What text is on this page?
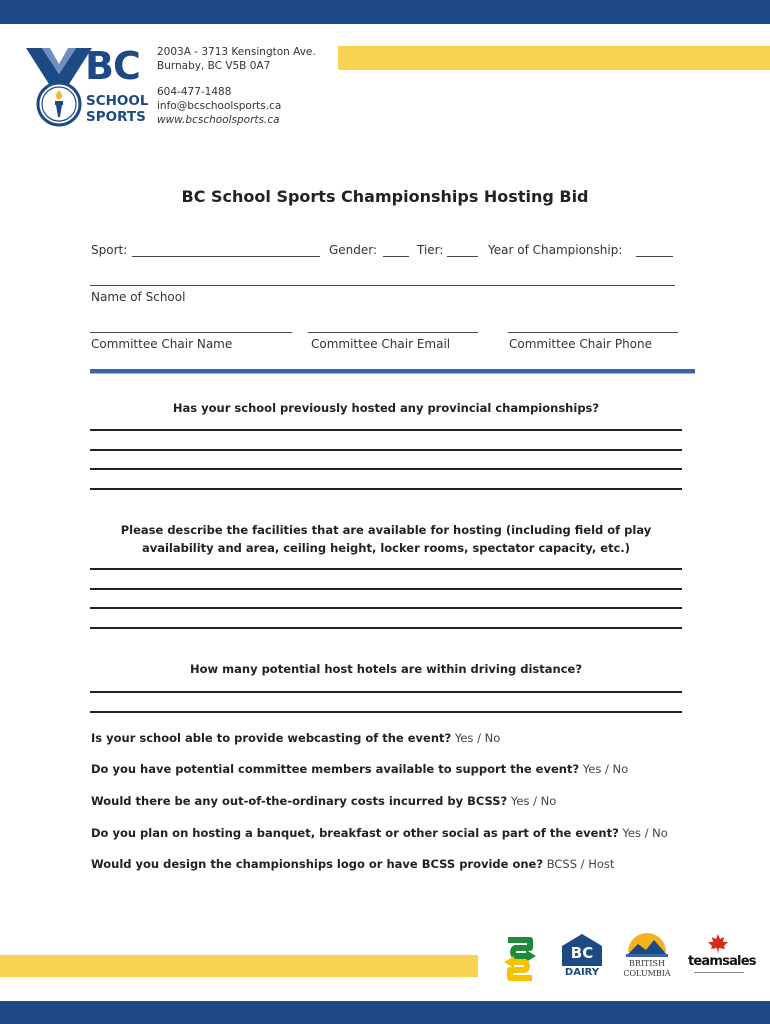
BC
SCHOOL
SPORTS
2003A - 3713 Kensington Ave.
Burnaby, BC V5B 0A7
604-477-1488
info@bcschoolsports.ca
www.bcschoolsports.ca
BC School Sports Championships Hosting Bid
Sport:	Gender:	Tier:	Year of Championship:
Name of School
Committee Chair Name	Committee Chair Email	Committee Chair Phone
Has your school previously hosted any provincial championships?
Please describe the facilities that are available for hosting (including field of play
availability and area, ceiling height, locker rooms, spectator capacity, etc.)
How many potential host hotels are within driving distance?
Is your school able to provide webcasting of the event? Yes / No
Do you have potential committee members available to support the event? Yes / No
Would there be any out-of-the-ordinary costs incurred by BCSS? Yes / No
Do you plan on hosting a banquet, breakfast or other social as part of the event? Yes / No
Would you design the championships logo or have BCSS provide one? BCSS / Host
BC
DAIRY
BRITISH
COLUMBIA
teamsales
